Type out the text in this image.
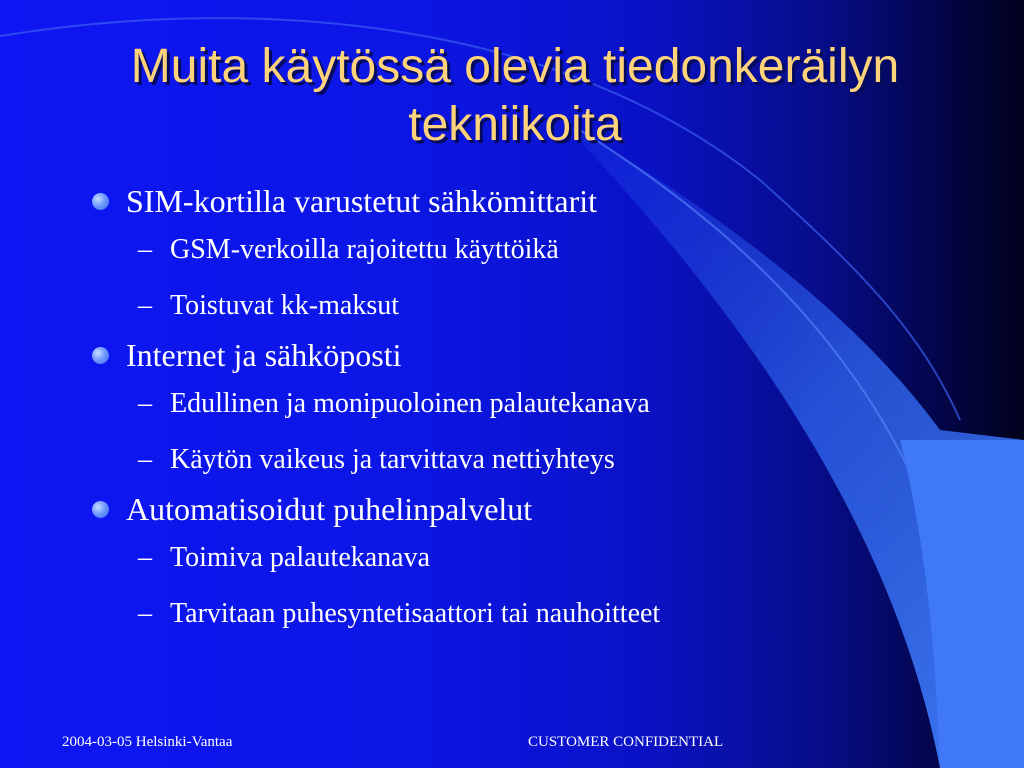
Muita käytössä olevia tiedonkeräilyn tekniikoita
SIM-kortilla varustetut sähkömittarit
– GSM-verkoilla rajoitettu käyttöikä
– Toistuvat kk-maksut
Internet ja sähköposti
– Edullinen ja monipuoloinen palautekanava
– Käytön vaikeus ja tarvittava nettiyhteys
Automatisoidut puhelinpalvelut
– Toimiva palautekanava
– Tarvitaan puhesyntetisaattori tai nauhoitteet
2004-03-05 Helsinki-Vantaa	CUSTOMER CONFIDENTIAL
